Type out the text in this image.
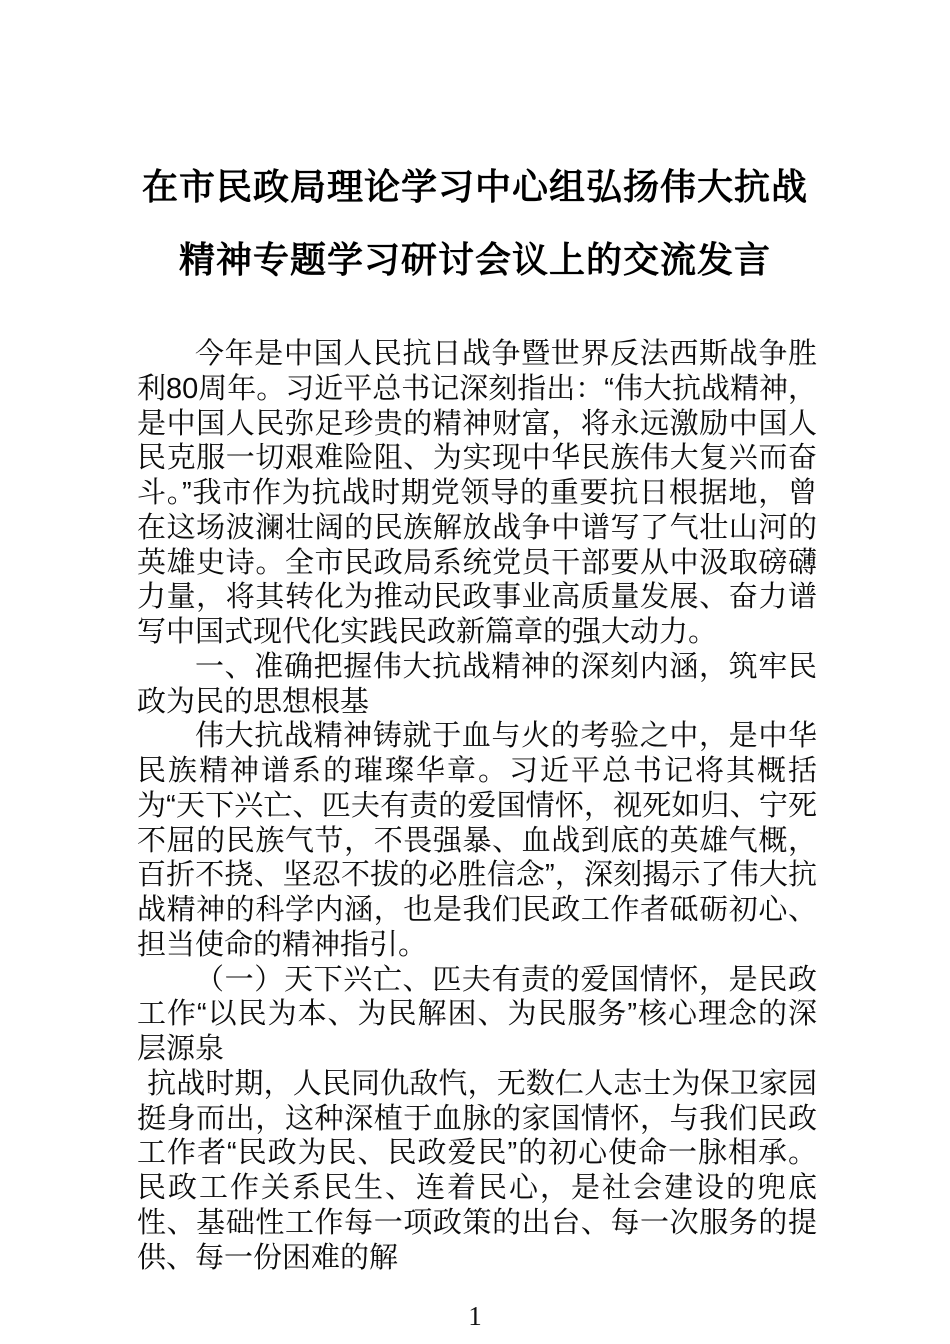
在市民政局理论学习中心组弘扬伟大抗战
精神专题学习研讨会议上的交流发言

今年是中国人民抗日战争暨世界反法西斯战争胜利80周年。习近平总书记深刻指出：“伟大抗战精神，是中国人民弥足珍贵的精神财富，将永远激励中国人民克服一切艰难险阻、为实现中华民族伟大复兴而奋斗。”我市作为抗战时期党领导的重要抗日根据地，曾在这场波澜壮阔的民族解放战争中谱写了气壮山河的英雄史诗。全市民政局系统党员干部要从中汲取磅礴力量，将其转化为推动民政事业高质量发展、奋力谱写中国式现代化实践民政新篇章的强大动力。

一、准确把握伟大抗战精神的深刻内涵，筑牢民政为民的思想根基

伟大抗战精神铸就于血与火的考验之中，是中华民族精神谱系的璀璨华章。习近平总书记将其概括为“天下兴亡、匹夫有责的爱国情怀，视死如归、宁死不屈的民族气节，不畏强暴、血战到底的英雄气概，百折不挠、坚忍不拔的必胜信念”，深刻揭示了伟大抗战精神的科学内涵，也是我们民政工作者砥砺初心、担当使命的精神指引。

（一）天下兴亡、匹夫有责的爱国情怀，是民政工作“以民为本、为民解困、为民服务”核心理念的深层源泉

抗战时期，人民同仇敌忾，无数仁人志士为保卫家园挺身而出，这种深植于血脉的家国情怀，与我们民政工作者“民政为民、民政爱民”的初心使命一脉相承。民政工作关系民生、连着民心，是社会建设的兜底性、基础性工作每一项政策的出台、每一次服务的提供、每一份困难的解

1
